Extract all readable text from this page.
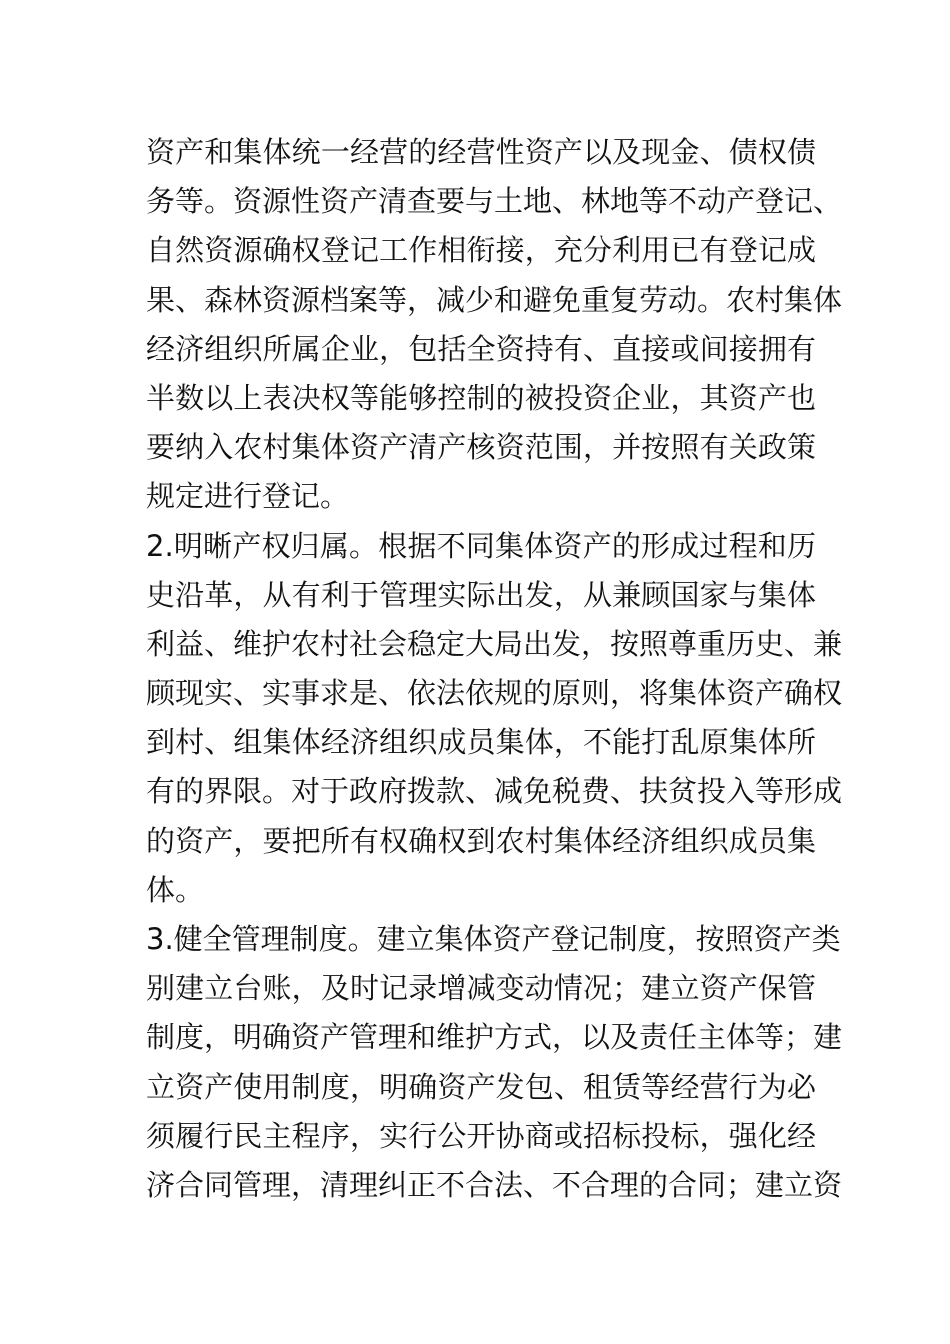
资产和集体统一经营的经营性资产以及现金、债权债
务等。资源性资产清查要与土地、林地等不动产登记、
自然资源确权登记工作相衔接，充分利用已有登记成
果、森林资源档案等，减少和避免重复劳动。农村集体
经济组织所属企业，包括全资持有、直接或间接拥有
半数以上表决权等能够控制的被投资企业，其资产也
要纳入农村集体资产清产核资范围，并按照有关政策
规定进行登记。
2.明晰产权归属。根据不同集体资产的形成过程和历
史沿革，从有利于管理实际出发，从兼顾国家与集体
利益、维护农村社会稳定大局出发，按照尊重历史、兼
顾现实、实事求是、依法依规的原则，将集体资产确权
到村、组集体经济组织成员集体，不能打乱原集体所
有的界限。对于政府拨款、减免税费、扶贫投入等形成
的资产，要把所有权确权到农村集体经济组织成员集
体。
3.健全管理制度。建立集体资产登记制度，按照资产类
别建立台账，及时记录增减变动情况；建立资产保管
制度，明确资产管理和维护方式，以及责任主体等；建
立资产使用制度，明确资产发包、租赁等经营行为必
须履行民主程序，实行公开协商或招标投标，强化经
济合同管理，清理纠正不合法、不合理的合同；建立资
